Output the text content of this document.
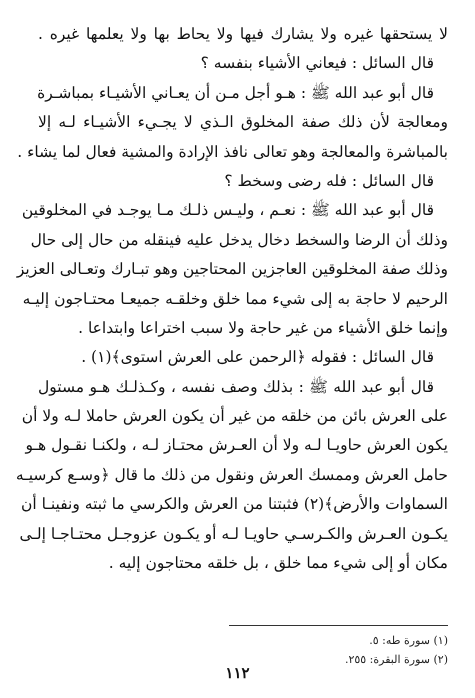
لا يستحقها غيره ولا يشارك فيها ولا يحاط بها ولا يعلمها غيره .
قال السائل : فيعاني الأشياء بنفسه ؟
قال أبو عبد الله ﷺ : هـو أجل مـن أن يعـاني الأشيـاء بمباشـرة
ومعالجة لأن ذلك صفة المخلوق الـذي لا يجـيء الأشيـاء لـه إلا
بالمباشرة والمعالجة وهو تعالى نافذ الإرادة والمشية فعال لما يشاء .
قال السائل : فله رضى وسخط ؟
قال أبو عبد الله ﷺ : نعـم ، وليـس ذلـك مـا يوجـد في المخلوقين
وذلك أن الرضا والسخط دخال يدخل عليه فينقله من حال إلى حال
وذلك صفة المخلوقين العاجزين المحتاجين وهو تبـارك وتعـالى العزيز
الرحيم لا حاجة به إلى شيء مما خلق وخلقـه جميعـا محتـاجون إليـه
وإنما خلق الأشياء من غير حاجة ولا سبب اختراعا وابتداعا .
قال السائل : فقوله ﴿الرحمن على العرش استوى﴾(١) .
قال أبو عبد الله ﷺ : بذلك وصف نفسه ، وكـذلـك هـو مستول
على العرش بائن من خلقه من غير أن يكون العرش حاملا لـه ولا أن
يكون العرش حاويـا لـه ولا أن العـرش محتـاز لـه ، ولكنـا نقـول هـو
حامل العرش وممسك العرش ونقول من ذلك ما قال ﴿وسـع كرسيـه
السماوات والأرض﴾(٢) فثبتنا من العرش والكرسي ما ثبته ونفينـا أن
يكـون العـرش والكـرسـي حاويـا لـه أو يكـون عزوجـل محتـاجـا إلـى
مكان أو إلى شيء مما خلق ، بل خلقه محتاجون إليه .
(١) سورة طه: ٥.
(٢) سورة البقرة: ٢٥٥.
١١٢
